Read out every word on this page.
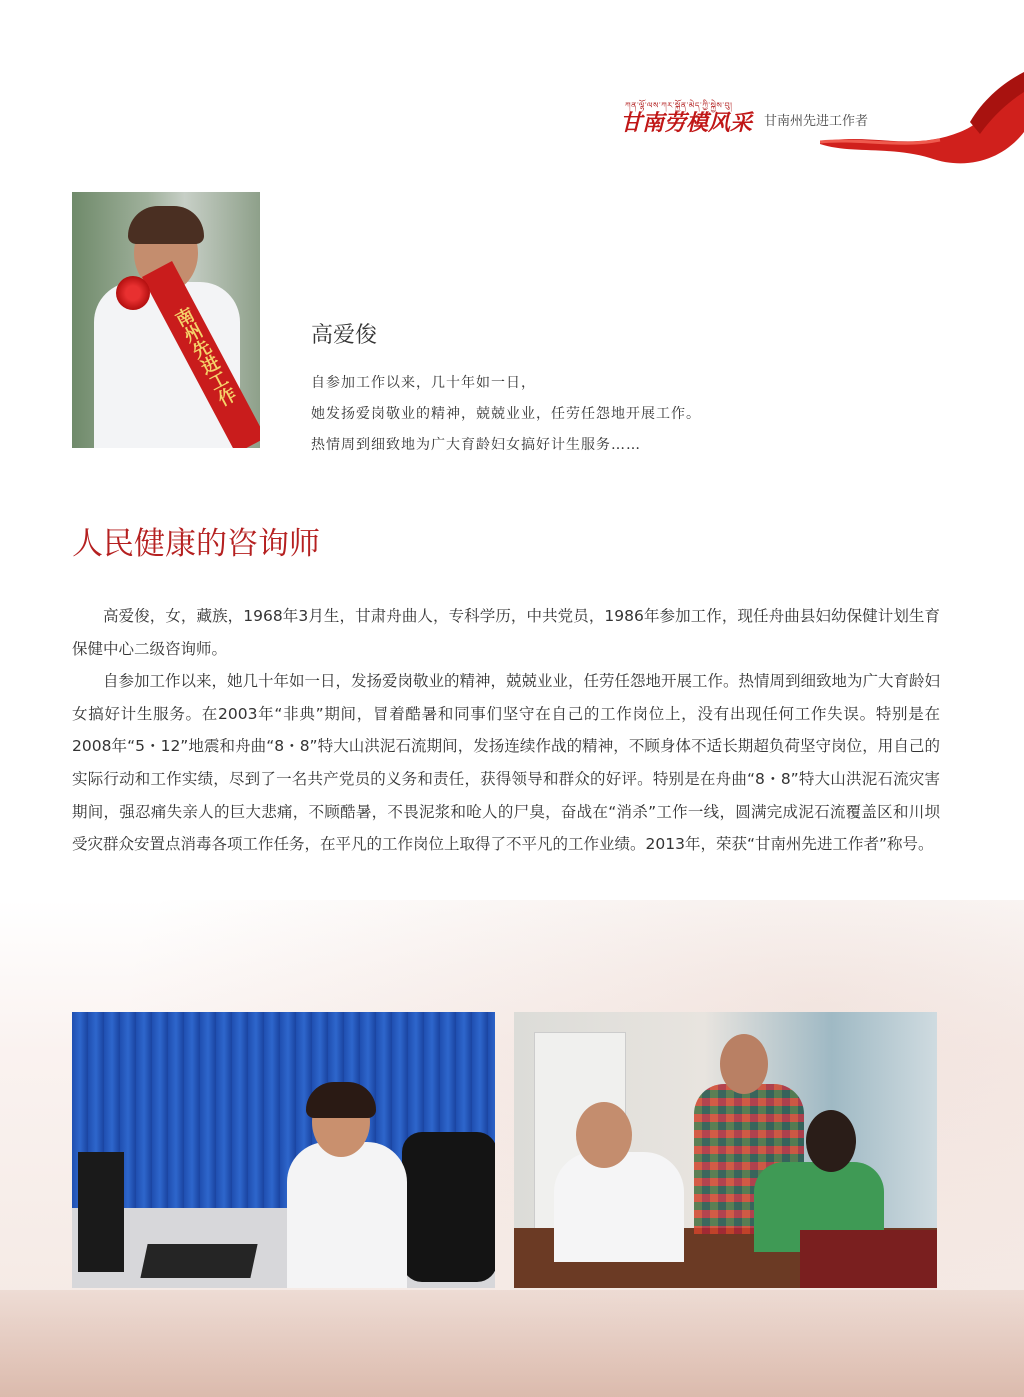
ཀན་ལྷོ་ལས་ཀར་སྐྱོན་མེད་ཀྱི་སྐྱེས་བུ།
甘南劳模风采 甘南州先进工作者
南州先进工作	高爱俊

自参加工作以来，几十年如一日，

她发扬爱岗敬业的精神，兢兢业业，任劳任怨地开展工作。

热情周到细致地为广大育龄妇女搞好计生服务……

人民健康的咨询师

高爱俊，女，藏族，1968年3月生，甘肃舟曲人，专科学历，中共党员，1986年参加工作，现任舟曲县妇幼保健计划生育保健中心二级咨询师。

自参加工作以来，她几十年如一日，发扬爱岗敬业的精神，兢兢业业，任劳任怨地开展工作。热情周到细致地为广大育龄妇女搞好计生服务。在2003年“非典”期间，冒着酷暑和同事们坚守在自己的工作岗位上，没有出现任何工作失误。特别是在2008年“5・12”地震和舟曲“8・8”特大山洪泥石流期间，发扬连续作战的精神，不顾身体不适长期超负荷坚守岗位，用自己的实际行动和工作实绩，尽到了一名共产党员的义务和责任，获得领导和群众的好评。特别是在舟曲“8・8”特大山洪泥石流灾害期间，强忍痛失亲人的巨大悲痛，不顾酷暑，不畏泥浆和呛人的尸臭，奋战在“消杀”工作一线，圆满完成泥石流覆盖区和川坝受灾群众安置点消毒各项工作任务，在平凡的工作岗位上取得了不平凡的工作业绩。2013年，荣获“甘南州先进工作者”称号。
